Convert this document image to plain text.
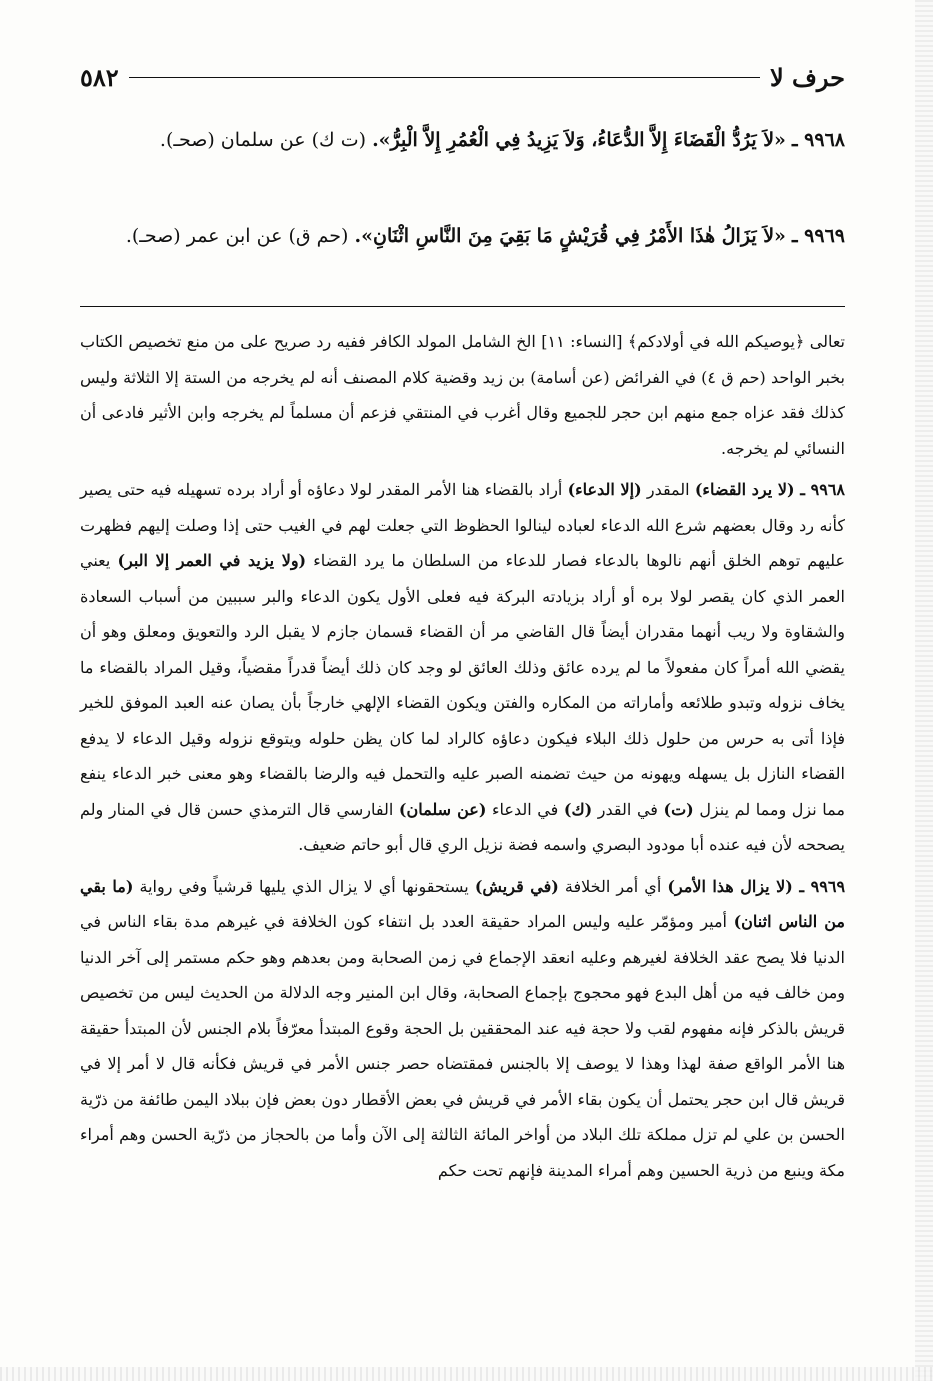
٥٨٢	حرف لا
٩٩٦٨ ـ «لاَ يَرُدُّ الْقَضَاءَ إِلاَّ الدُّعَاءُ، وَلاَ يَزِيدُ فِي الْعُمُرِ إِلاَّ الْبِرُّ». (ت ك) عن سلمان (صحـ).
٩٩٦٩ ـ «لاَ يَزَالُ هٰذَا الأَمْرُ فِي قُرَيْشٍ مَا بَقِيَ مِنَ النَّاسِ اثْنَانِ». (حم ق) عن ابن عمر (صحـ).

تعالى ﴿يوصيكم الله في أولادكم﴾ [النساء: ١١] الخ الشامل المولد الكافر ففيه رد صريح على من منع تخصيص الكتاب بخبر الواحد (حم ق ٤) في الفرائض (عن أسامة) بن زيد وقضية كلام المصنف أنه لم يخرجه من الستة إلا الثلاثة وليس كذلك فقد عزاه جمع منهم ابن حجر للجميع وقال أغرب في المنتقي فزعم أن مسلماً لم يخرجه وابن الأثير فادعى أن النسائي لم يخرجه.

٩٩٦٨ ـ (لا يرد القضاء) المقدر (إلا الدعاء) أراد بالقضاء هنا الأمر المقدر لولا دعاؤه أو أراد برده تسهيله فيه حتى يصير كأنه رد وقال بعضهم شرع الله الدعاء لعباده لينالوا الحظوظ التي جعلت لهم في الغيب حتى إذا وصلت إليهم فظهرت عليهم توهم الخلق أنهم نالوها بالدعاء فصار للدعاء من السلطان ما يرد القضاء (ولا يزيد في العمر إلا البر) يعني العمر الذي كان يقصر لولا بره أو أراد بزيادته البركة فيه فعلى الأول يكون الدعاء والبر سببين من أسباب السعادة والشقاوة ولا ريب أنهما مقدران أيضاً قال القاضي مر أن القضاء قسمان جازم لا يقبل الرد والتعويق ومعلق وهو أن يقضي الله أمراً كان مفعولاً ما لم يرده عائق وذلك العائق لو وجد كان ذلك أيضاً قدراً مقضياً، وقيل المراد بالقضاء ما يخاف نزوله وتبدو طلائعه وأماراته من المكاره والفتن ويكون القضاء الإلهي خارجاً بأن يصان عنه العبد الموفق للخير فإذا أتى به حرس من حلول ذلك البلاء فيكون دعاؤه كالراد لما كان يظن حلوله ويتوقع نزوله وقيل الدعاء لا يدفع القضاء النازل بل يسهله ويهونه من حيث تضمنه الصبر عليه والتحمل فيه والرضا بالقضاء وهو معنى خبر الدعاء ينفع مما نزل ومما لم ينزل (ت) في القدر (ك) في الدعاء (عن سلمان) الفارسي قال الترمذي حسن قال في المنار ولم يصححه لأن فيه عنده أبا مودود البصري واسمه فضة نزيل الري قال أبو حاتم ضعيف.

٩٩٦٩ ـ (لا يزال هذا الأمر) أي أمر الخلافة (في قريش) يستحقونها أي لا يزال الذي يليها قرشياً وفي رواية (ما بقي من الناس اثنان) أمير ومؤمّر عليه وليس المراد حقيقة العدد بل انتفاء كون الخلافة في غيرهم مدة بقاء الناس في الدنيا فلا يصح عقد الخلافة لغيرهم وعليه انعقد الإجماع في زمن الصحابة ومن بعدهم وهو حكم مستمر إلى آخر الدنيا ومن خالف فيه من أهل البدع فهو محجوج بإجماع الصحابة، وقال ابن المنير وجه الدلالة من الحديث ليس من تخصيص قريش بالذكر فإنه مفهوم لقب ولا حجة فيه عند المحققين بل الحجة وقوع المبتدأ معرّفاً بلام الجنس لأن المبتدأ حقيقة هنا الأمر الواقع صفة لهذا وهذا لا يوصف إلا بالجنس فمقتضاه حصر جنس الأمر في قريش فكأنه قال لا أمر إلا في قريش قال ابن حجر يحتمل أن يكون بقاء الأمر في قريش في بعض الأقطار دون بعض فإن ببلاد اليمن طائفة من ذرّية الحسن بن علي لم تزل مملكة تلك البلاد من أواخر المائة الثالثة إلى الآن وأما من بالحجاز من ذرّية الحسن وهم أمراء مكة وينبع من ذرية الحسين وهم أمراء المدينة فإنهم تحت حكم
